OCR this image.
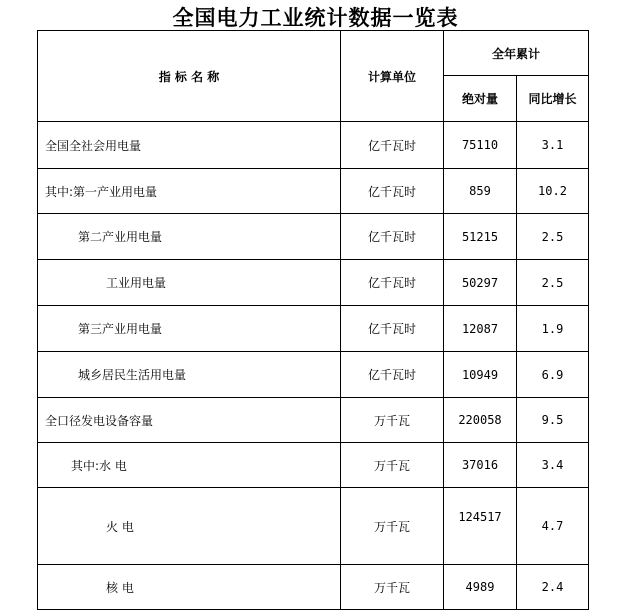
全国电力工业统计数据一览表
指 标 名 称	计算单位	全年累计	
		绝对量	同比增长
全国全社会用电量	亿千瓦时	75110	3.1
其中:第一产业用电量	亿千瓦时	859	10.2
第二产业用电量	亿千瓦时	51215	2.5
工业用电量	亿千瓦时	50297	2.5
第三产业用电量	亿千瓦时	12087	1.9
城乡居民生活用电量	亿千瓦时	10949	6.9
全口径发电设备容量	万千瓦	220058	9.5
其中:水 电	万千瓦	37016	3.4
火 电	万千瓦	124517	4.7
核 电	万千瓦	4989	2.4
